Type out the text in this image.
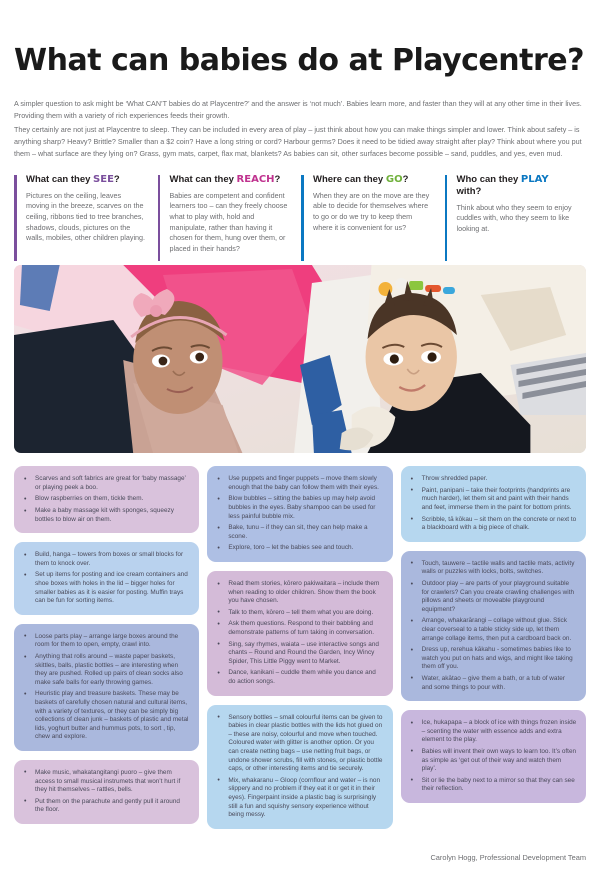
What can babies do at Playcentre?

A simpler question to ask might be ‘What CAN’T babies do at Playcentre?’ and the answer is ‘not much’. Babies learn more, and faster than they will at any other time in their lives. Providing them with a variety of rich experiences feeds their growth.

They certainly are not just at Playcentre to sleep. They can be included in every area of play – just think about how you can make things simpler and lower. Think about safety – is anything sharp? Heavy? Brittle? Smaller than a $2 coin? Have a long string or cord? Harbour germs? Does it need to be tidied away straight after play? Think about where you put them – what surface are they lying on? Grass, gym mats, carpet, flax mat, blankets? As babies can sit, other surfaces become possible – sand, puddles, and yes, even mud.

What can they SEE?

Pictures on the ceiling, leaves moving in the breeze, scarves on the ceiling, ribbons tied to tree branches, shadows, clouds, pictures on the walls, mobiles, other children playing.

What can they REACH?

Babies are competent and confident learners too – can they freely choose what to play with, hold and manipulate, rather than having it chosen for them, hung over them, or placed in their hands?

Where can they GO?

When they are on the move are they able to decide for themselves where to go or do we try to keep them where it is convenient for us?

Who can they PLAY with?

Think about who they seem to enjoy cuddles with, who they seem to like looking at.

• Scarves and soft fabrics are great for ‘baby massage’ or playing peek a boo.
• Blow raspberries on them, tickle them.
• Make a baby massage kit with sponges, squeezy bottles to blow air on them.
• Build, hanga – towers from boxes or small blocks for them to knock over.
• Set up items for posting and ice cream containers and shoe boxes with holes in the lid – bigger holes for smaller babies as it is easier for posting. Muffin trays can be fun for sorting items.
• Loose parts play – arrange large boxes around the room for them to open, empty, crawl into.
• Anything that rolls around – waste paper baskets, skittles, balls, plastic bottles – are interesting when they are pushed. Rolled up pairs of clean socks also make safe balls for early throwing games.
• Heuristic play and treasure baskets. These may be baskets of carefully chosen natural and cultural items, with a variety of textures, or they can be simply big collections of clean junk – baskets of plastic and metal lids, yoghurt butter and hummus pots, to sort , tip, chew and explore.
• Make music, whakatangitangi puoro – give them access to small musical instrumets that won’t hurt if they hit themselves – rattles, bells.
• Put them on the parachute and gently pull it around the floor.
• Use puppets and finger puppets – move them slowly enough that the baby can follow them with their eyes.
• Blow bubbles – sitting the babies up may help avoid bubbles in the eyes. Baby shampoo can be used for less painful bubble mix.
• Bake, tunu – if they can sit, they can help make a scone.
• Explore, toro – let the babies see and touch.
• Read them stories, kōrero pakiwaitara – include them when reading to older children. Show them the book you have chosen.
• Talk to them, kōrero – tell them what you are doing.
• Ask them questions. Respond to their babbling and demonstrate patterns of turn taking in conversation.
• Sing, say rhymes, waiata – use interactive songs and chants – Round and Round the Garden, Incy Wincy Spider, This Little Piggy went to Market.
• Dance, kanikani – cuddle them while you dance and do action songs.
• Sensory bottles – small colourful items can be given to babies in clear plastic bottles with the lids hot glued on – these are noisy, colourful and move when touched. Coloured water with glitter is another option. Or you can create netting bags – use netting fruit bags, or undone shower scrubs, fill with stones, or plastic bottle caps, or other interesting items and tie securely.
• Mix, whakaranu – Gloop (cornflour and water – is non slippery and no problem if they eat it or get it in their eyes). Fingerpaint inside a plastic bag is surprisingly still a fun and squishy sensory experience without being messy.
• Throw shredded paper.
• Paint, panipani – take their footprints (handprints are much harder), let them sit and paint with their hands and feet, immerse them in the paint for bottom prints.
• Scribble, tā kōkau – sit them on the concrete or next to a blackboard with a big piece of chalk.
• Touch, tauwere – tactile walls and tactile mats, activity walls or puzzles with locks, bolts, switches.
• Outdoor play – are parts of your playground suitable for crawlers? Can you create crawling challenges with pillows and sheets or moveable playground equipment?
• Arrange, whakarārangi – collage without glue. Stick clear coverseal to a table sticky side up, let them arrange collage items, then put a cardboard back on.
• Dress up, rerehua kākahu - sometimes babies like to watch you put on hats and wigs, and might like taking them off you.
• Water, akātao – give them a bath, or a tub of water and some things to pour with.
• Ice, hukapapa – a block of ice with things frozen inside – scenting the water with essence adds and extra element to the play.
• Babies will invent their own ways to learn too. It’s often as simple as ‘get out of their way and watch them play’.
• Sit or lie the baby next to a mirror so that they can see their reflection.
Carolyn Hogg, Professional Development Team
